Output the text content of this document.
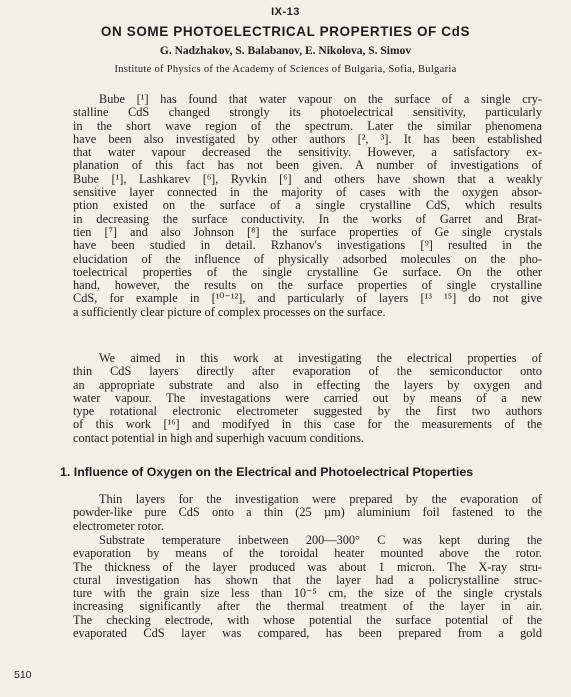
IX-13
ON SOME PHOTOELECTRICAL PROPERTIES OF CdS
G. Nadzhakov, S. Balabanov, E. Nikolova, S. Simov
Institute of Physics of the Academy of Sciences of Bulgaria, Sofia, Bulgaria
Bube [¹] has found that water vapour on the surface of a single cry-
stalline CdS changed strongly its photoelectrical sensitivity, particularly
in the short wave region of the spectrum. Later the similar phenomena
have been also investigated by other authors [², ³]. It has been established
that water vapour decreased the sensitivity. However, a satisfactory ex-
planation of this fact has not been given. A number of investigations of
Bube [¹], Lashkarev [⁶], Ryvkin [⁶] and others have shown that a weakly
sensitive layer connected in the majority of cases with the oxygen absor-
ption existed on the surface of a single crystalline CdS, which results
in decreasing the surface conductivity. In the works of Garret and Brat-
tien [⁷] and also Johnson [⁸] the surface properties of Ge single crystals
have been studied in detail. Rzhanov's investigations [⁹] resulted in the
elucidation of the influence of physically adsorbed molecules on the pho-
toelectrical properties of the single crystalline Ge surface. On the other
hand, however, the results on the surface properties of single crystalline
CdS, for example in [¹⁰⁻¹²], and particularly of layers [¹³ ¹⁵] do not give
a sufficiently clear picture of complex processes on the surface.
We aimed in this work at investigating the electrical properties of
thin CdS layers directly after evaporation of the semiconductor onto
an appropriate substrate and also in effecting the layers by oxygen and
water vapour. The investagations were carried out by means of a new
type rotational electronic electrometer suggested by the first two authors
of this work [¹⁶] and modifyed in this case for the measurements of the
contact potential in high and superhigh vacuum conditions.
1. Influence of Oxygen on the Electrical and Photoelectrical Ptoperties
Thin layers for the investigation were prepared by the evaporation of
powder-like pure CdS onto a thin (25 µm) aluminium foil fastened to the
electrometer rotor.
Substrate temperature inbetween 200—300° C was kept during the
evaporation by means of the toroidal heater mounted above the rotor.
The thickness of the layer produced was about 1 micron. The X-ray stru-
ctural investigation has shown that the layer had a policrystalline struc-
ture with the grain size less than 10⁻⁵ cm, the size of the single crystals
increasing significantly after the thermal treatment of the layer in air.
The checking electrode, with whose potential the surface potential of the
evaporated CdS layer was compared, has been prepared from a gold
510
